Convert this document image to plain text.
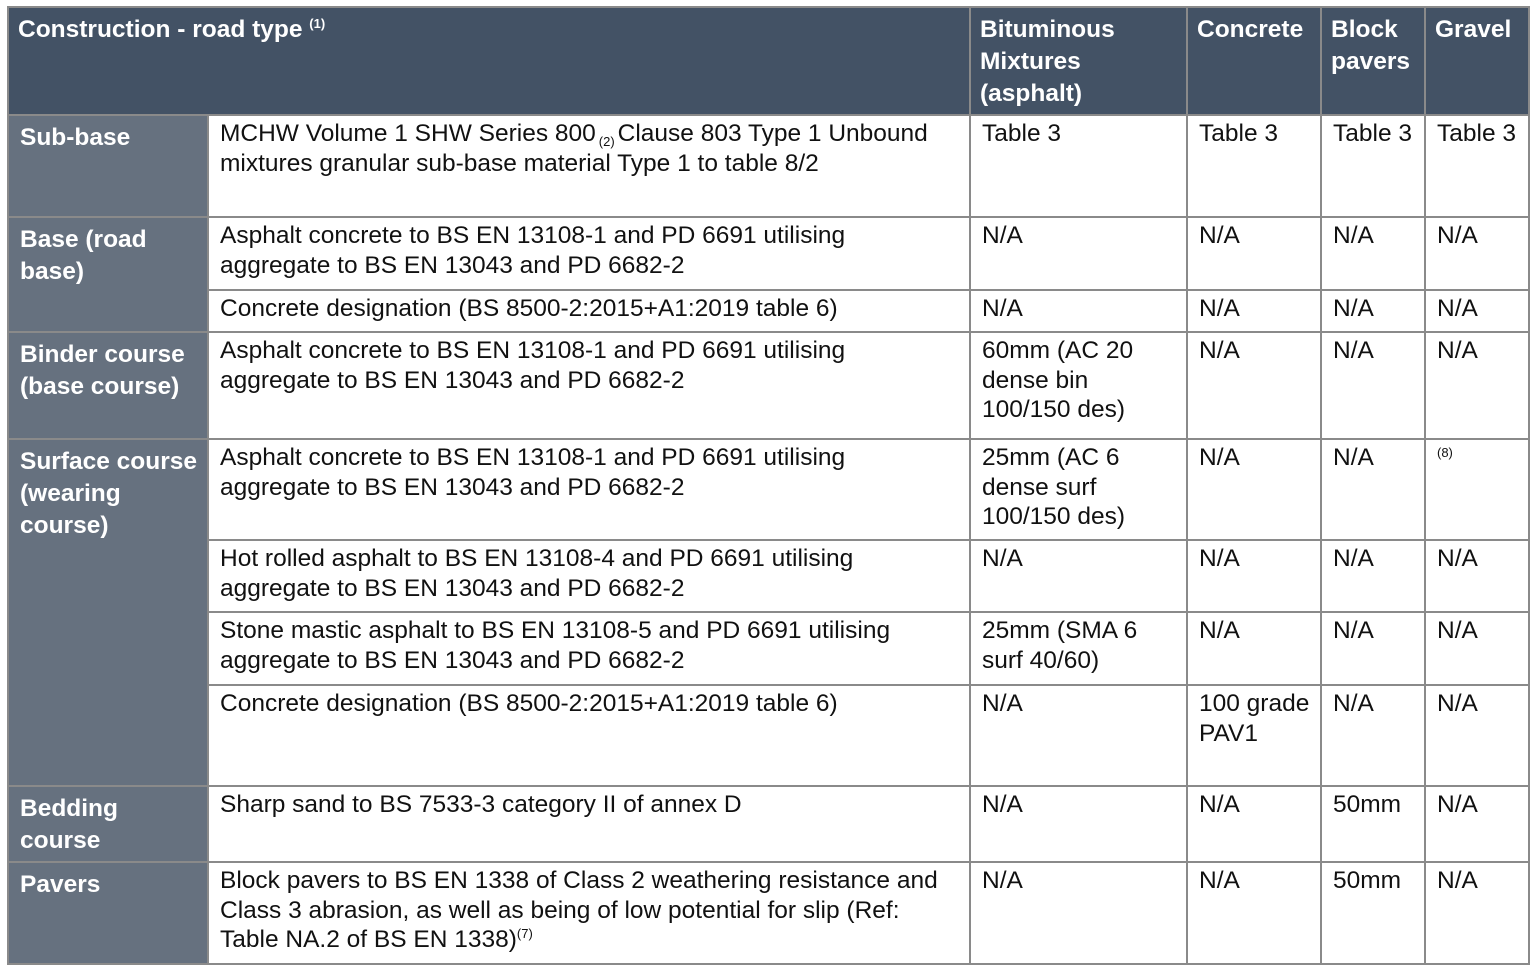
Construction - road type $^{(1)}$		Bituminous Mixtures (asphalt)	Concrete	Block pavers	Gravel
Sub-base	MCHW Volume 1 SHW Series 800 $_{(2)}$ Clause 803 Type 1 Unbound mixtures granular sub-base material Type 1 to table 8/2	Table 3	Table 3	Table 3	Table 3
Base (road base)	Asphalt concrete to BS EN 13108-1 and PD 6691 utilising aggregate to BS EN 13043 and PD 6682-2	N/A	N/A	N/A	N/A
	Concrete designation (BS 8500-2:2015+A1:2019 table 6)	N/A	N/A	N/A	N/A
Binder course (base course)	Asphalt concrete to BS EN 13108-1 and PD 6691 utilising aggregate to BS EN 13043 and PD 6682-2	60mm (AC 20 dense bin 100/150 des)	N/A	N/A	N/A
Surface course (wearing course)	Asphalt concrete to BS EN 13108-1 and PD 6691 utilising aggregate to BS EN 13043 and PD 6682-2	25mm (AC 6 dense surf 100/150 des)	N/A	N/A	$^{(8)}$
	Hot rolled asphalt to BS EN 13108-4 and PD 6691 utilising aggregate to BS EN 13043 and PD 6682-2	N/A	N/A	N/A	N/A
	Stone mastic asphalt to BS EN 13108-5 and PD 6691 utilising aggregate to BS EN 13043 and PD 6682-2	25mm (SMA 6 surf 40/60)	N/A	N/A	N/A
	Concrete designation (BS 8500-2:2015+A1:2019 table 6)	N/A	100 grade PAV1	N/A	N/A
Bedding course	Sharp sand to BS 7533-3 category II of annex D	N/A	N/A	50mm	N/A
Pavers	Block pavers to BS EN 1338 of Class 2 weathering resistance and Class 3 abrasion, as well as being of low potential for slip (Ref: Table NA.2 of BS EN 1338)$^{(7)}$	N/A	N/A	50mm	N/A
